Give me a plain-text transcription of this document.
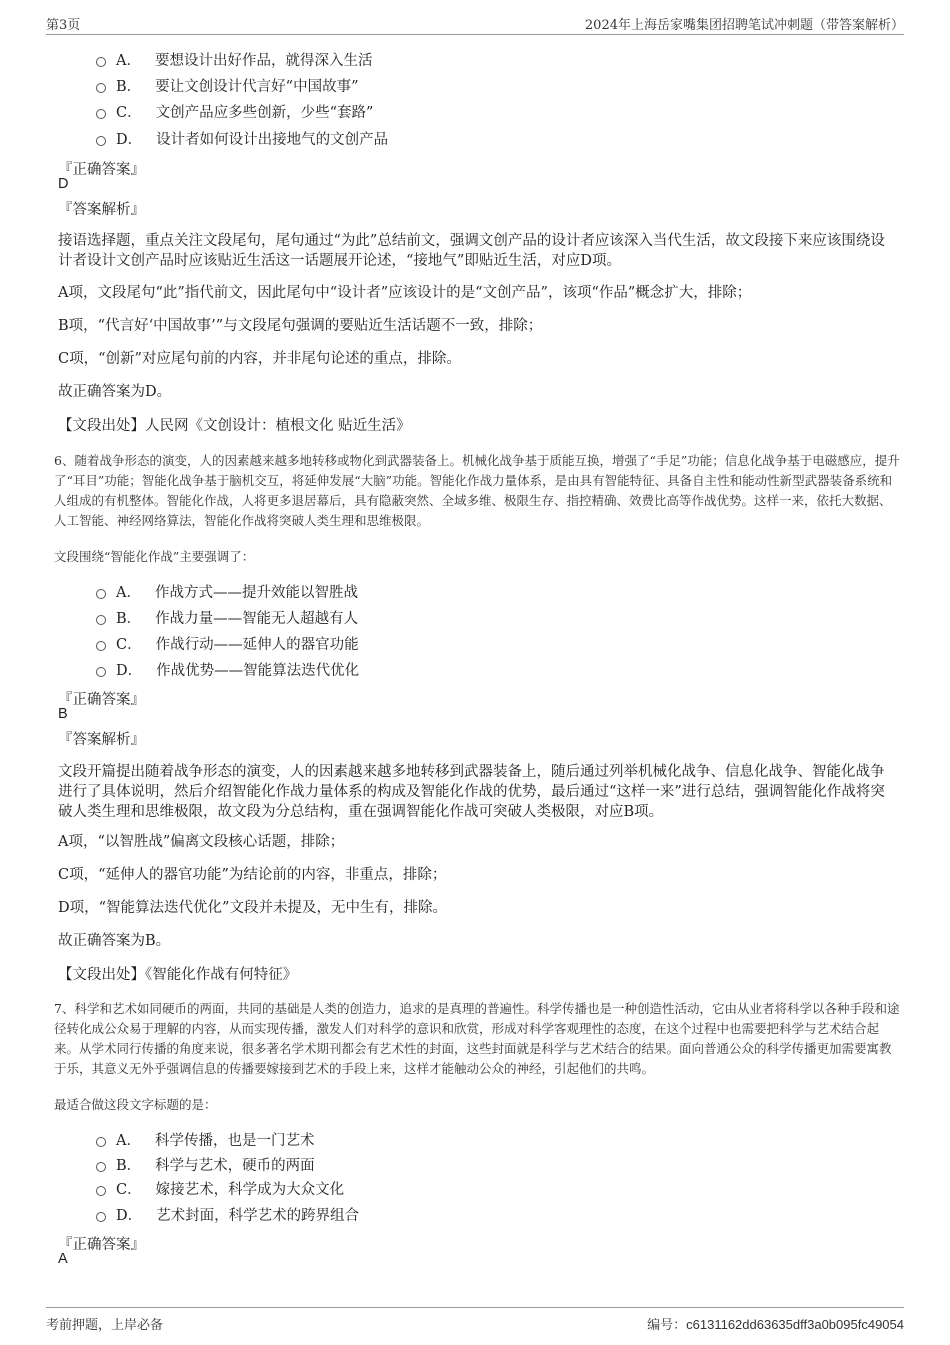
第3页	2024年上海岳家嘴集团招聘笔试冲刺题（带答案解析）
A． 要想设计出好作品，就得深入生活
B． 要让文创设计代言好“中国故事”
C． 文创产品应多些创新，少些“套路”
D． 设计者如何设计出接地气的文创产品
『正确答案』
D
『答案解析』
接语选择题，重点关注文段尾句，尾句通过“为此”总结前文，强调文创产品的设计者应该深入当代生活，故文段接下来应该围绕设计者设计文创产品时应该贴近生活这一话题展开论述，“接地气”即贴近生活，对应D项。
A项，文段尾句“此”指代前文，因此尾句中“设计者”应该设计的是“文创产品”，该项“作品”概念扩大，排除；
B项，“代言好‘中国故事’”与文段尾句强调的要贴近生活话题不一致，排除；
C项，“创新”对应尾句前的内容，并非尾句论述的重点，排除。
故正确答案为D。
【文段出处】人民网《文创设计：植根文化 贴近生活》
6、随着战争形态的演变，人的因素越来越多地转移或物化到武器装备上。机械化战争基于质能互换，增强了“手足”功能；信息化战争基于电磁感应，提升了“耳目”功能；智能化战争基于脑机交互，将延伸发展“大脑”功能。智能化作战力量体系，是由具有智能特征、具备自主性和能动性新型武器装备系统和人组成的有机整体。智能化作战，人将更多退居幕后，具有隐蔽突然、全域多维、极限生存、指控精确、效费比高等作战优势。这样一来，依托大数据、人工智能、神经网络算法，智能化作战将突破人类生理和思维极限。
文段围绕“智能化作战”主要强调了：
A． 作战方式——提升效能以智胜战
B． 作战力量——智能无人超越有人
C． 作战行动——延伸人的器官功能
D． 作战优势——智能算法迭代优化
『正确答案』
B
『答案解析』
文段开篇提出随着战争形态的演变，人的因素越来越多地转移到武器装备上，随后通过列举机械化战争、信息化战争、智能化战争进行了具体说明，然后介绍智能化作战力量体系的构成及智能化作战的优势，最后通过“这样一来”进行总结，强调智能化作战将突破人类生理和思维极限，故文段为分总结构，重在强调智能化作战可突破人类极限，对应B项。
A项，“以智胜战”偏离文段核心话题，排除；
C项，“延伸人的器官功能”为结论前的内容，非重点，排除；
D项，“智能算法迭代优化”文段并未提及，无中生有，排除。
故正确答案为B。
【文段出处】《智能化作战有何特征》
7、科学和艺术如同硬币的两面，共同的基础是人类的创造力，追求的是真理的普遍性。科学传播也是一种创造性活动，它由从业者将科学以各种手段和途径转化成公众易于理解的内容，从而实现传播，激发人们对科学的意识和欣赏，形成对科学客观理性的态度，在这个过程中也需要把科学与艺术结合起来。从学术同行传播的角度来说，很多著名学术期刊都会有艺术性的封面，这些封面就是科学与艺术结合的结果。面向普通公众的科学传播更加需要寓教于乐，其意义无外乎强调信息的传播要嫁接到艺术的手段上来，这样才能触动公众的神经，引起他们的共鸣。
最适合做这段文字标题的是：
A． 科学传播，也是一门艺术
B． 科学与艺术，硬币的两面
C． 嫁接艺术，科学成为大众文化
D． 艺术封面，科学艺术的跨界组合
『正确答案』
A
考前押题，上岸必备	编号：c6131162dd63635dff3a0b095fc49054
